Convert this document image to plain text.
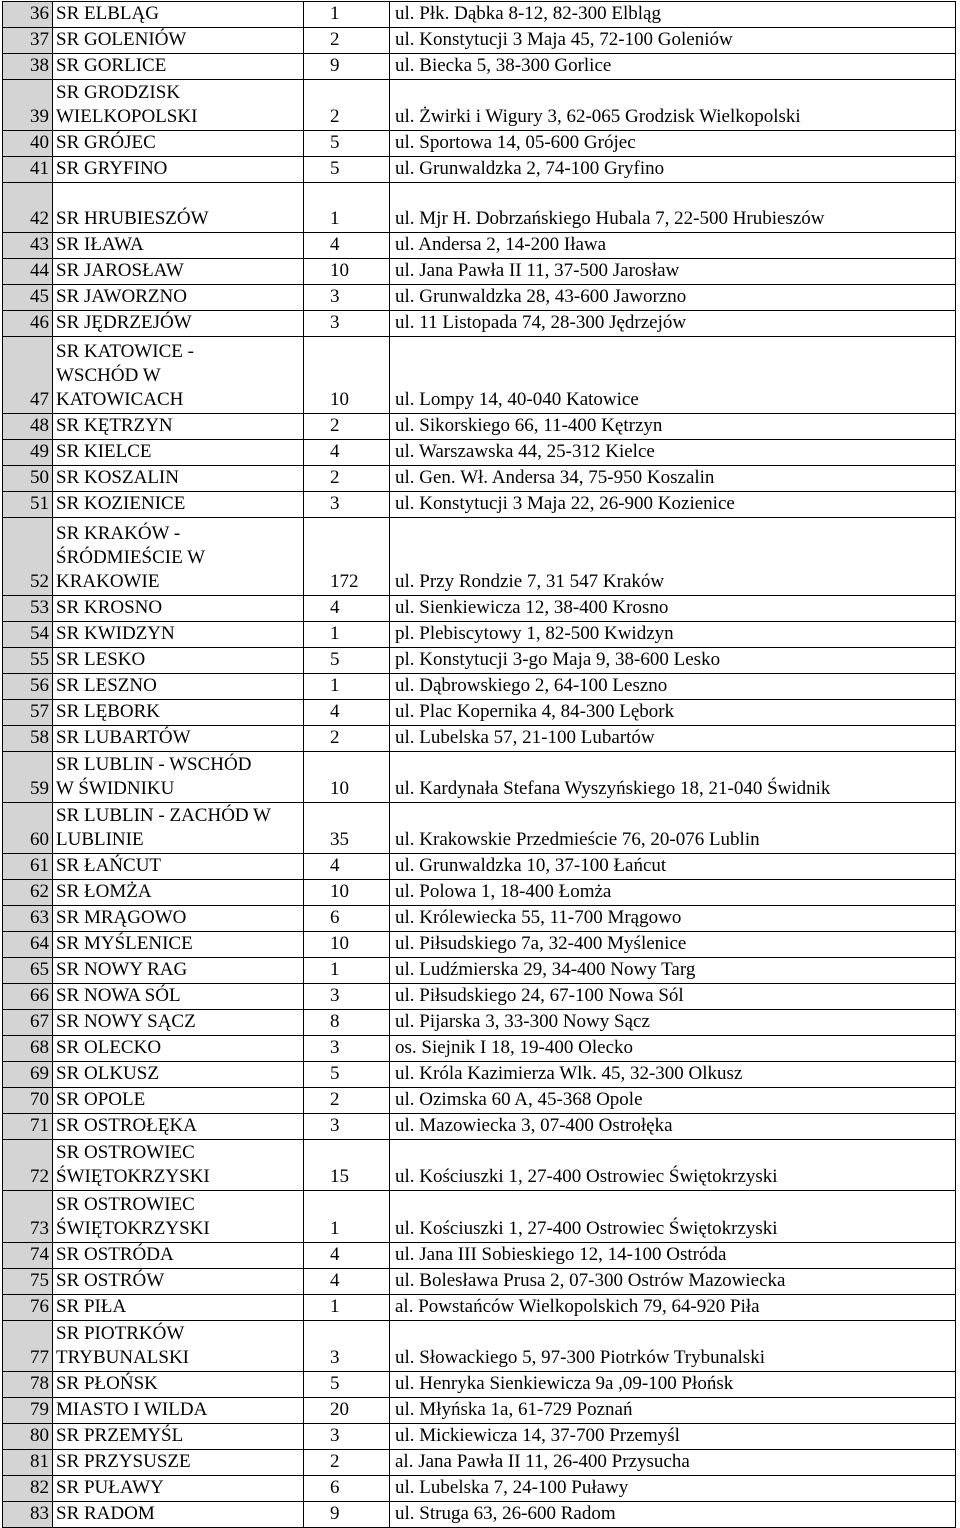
36	SR ELBLĄG	1	ul. Płk. Dąbka 8-12, 82-300 Elbląg
37	SR GOLENIÓW	2	ul. Konstytucji 3 Maja 45, 72-100 Goleniów
38	SR GORLICE	9	ul. Biecka 5, 38-300 Gorlice
39	SR GRODZISK
WIELKOPOLSKI	2	ul. Żwirki i Wigury 3, 62-065 Grodzisk Wielkopolski
40	SR GRÓJEC	5	ul. Sportowa 14, 05-600 Grójec
41	SR GRYFINO	5	ul. Grunwaldzka 2, 74-100 Gryfino
42	SR HRUBIESZÓW	1	ul. Mjr H. Dobrzańskiego Hubala 7, 22-500 Hrubieszów
43	SR IŁAWA	4	ul. Andersa 2, 14-200 Iława
44	SR JAROSŁAW	10	ul. Jana Pawła II 11, 37-500 Jarosław
45	SR JAWORZNO	3	ul. Grunwaldzka 28, 43-600 Jaworzno
46	SR JĘDRZEJÓW	3	ul. 11 Listopada 74, 28-300 Jędrzejów
47	SR KATOWICE -
WSCHÓD W
KATOWICACH	10	ul. Lompy 14, 40-040 Katowice
48	SR KĘTRZYN	2	ul. Sikorskiego 66, 11-400 Kętrzyn
49	SR KIELCE	4	ul. Warszawska 44, 25-312 Kielce
50	SR KOSZALIN	2	ul. Gen. Wł. Andersa 34, 75-950 Koszalin
51	SR KOZIENICE	3	ul. Konstytucji 3 Maja 22, 26-900 Kozienice
52	SR KRAKÓW -
ŚRÓDMIEŚCIE W
KRAKOWIE	172	ul. Przy Rondzie 7, 31 547 Kraków
53	SR KROSNO	4	ul. Sienkiewicza 12, 38-400 Krosno
54	SR KWIDZYN	1	pl. Plebiscytowy 1, 82-500 Kwidzyn
55	SR LESKO	5	pl. Konstytucji 3-go Maja 9, 38-600 Lesko
56	SR LESZNO	1	ul. Dąbrowskiego 2, 64-100 Leszno
57	SR LĘBORK	4	ul. Plac Kopernika 4, 84-300 Lębork
58	SR LUBARTÓW	2	ul. Lubelska 57, 21-100 Lubartów
59	SR LUBLIN - WSCHÓD
W ŚWIDNIKU	10	ul. Kardynała Stefana Wyszyńskiego 18, 21-040 Świdnik
60	SR LUBLIN - ZACHÓD W
LUBLINIE	35	ul. Krakowskie Przedmieście 76, 20-076 Lublin
61	SR ŁAŃCUT	4	ul. Grunwaldzka 10, 37-100 Łańcut
62	SR ŁOMŻA	10	ul. Polowa 1, 18-400 Łomża
63	SR MRĄGOWO	6	ul. Królewiecka 55, 11-700 Mrągowo
64	SR MYŚLENICE	10	ul. Piłsudskiego 7a, 32-400 Myślenice
65	SR NOWY RAG	1	ul. Ludźmierska 29, 34-400 Nowy Targ
66	SR NOWA SÓL	3	ul. Piłsudskiego 24, 67-100 Nowa Sól
67	SR NOWY SĄCZ	8	ul. Pijarska 3, 33-300 Nowy Sącz
68	SR OLECKO	3	os. Siejnik I 18, 19-400 Olecko
69	SR OLKUSZ	5	ul. Króla Kazimierza Wlk. 45, 32-300 Olkusz
70	SR OPOLE	2	ul. Ozimska 60 A, 45-368 Opole
71	SR OSTROŁĘKA	3	ul. Mazowiecka 3, 07-400 Ostrołęka
72	SR OSTROWIEC
ŚWIĘTOKRZYSKI	15	ul. Kościuszki 1, 27-400 Ostrowiec Świętokrzyski
73	SR OSTROWIEC
ŚWIĘTOKRZYSKI	1	ul. Kościuszki 1, 27-400 Ostrowiec Świętokrzyski
74	SR OSTRÓDA	4	ul. Jana III Sobieskiego 12, 14-100 Ostróda
75	SR OSTRÓW	4	ul. Bolesława Prusa 2, 07-300 Ostrów Mazowiecka
76	SR PIŁA	1	al. Powstańców Wielkopolskich 79, 64-920 Piła
77	SR PIOTRKÓW
TRYBUNALSKI	3	ul. Słowackiego 5, 97-300 Piotrków Trybunalski
78	SR PŁOŃSK	5	ul. Henryka Sienkiewicza 9a ,09-100 Płońsk
79	MIASTO I WILDA	20	ul. Młyńska 1a, 61-729 Poznań
80	SR PRZEMYŚL	3	ul. Mickiewicza 14, 37-700 Przemyśl
81	SR PRZYSUSZE	2	al. Jana Pawła II 11, 26-400 Przysucha
82	SR PUŁAWY	6	ul. Lubelska 7, 24-100 Puławy
83	SR RADOM	9	ul. Struga 63, 26-600 Radom
